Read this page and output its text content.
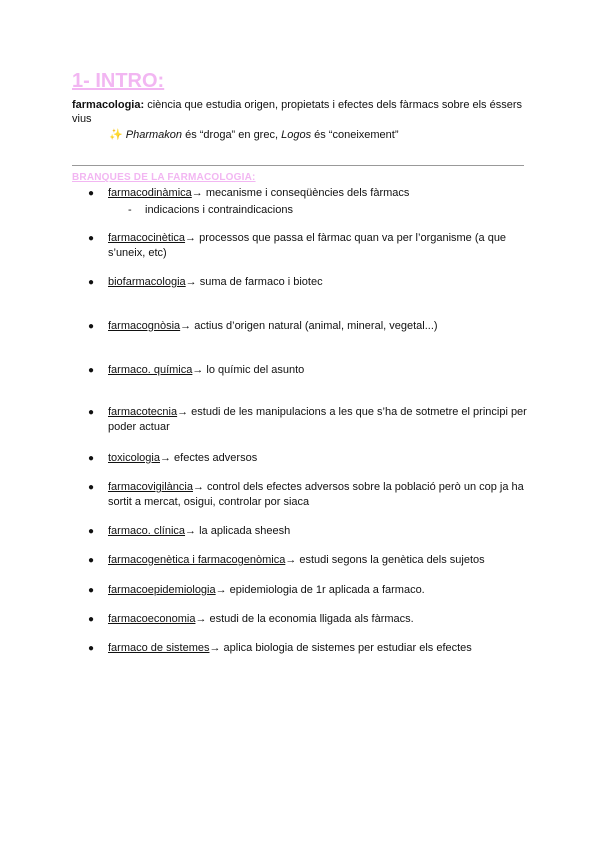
1- INTRO:
farmacologia: ciència que estudia origen, propietats i efectes dels fàrmacs sobre els éssers vius
✨ Pharmakon és “droga” en grec, Logos és “coneixement”
BRANQUES DE LA FARMACOLOGIA:
●	farmacodinàmica→ mecanisme i conseqüències dels fàrmacs
- indicacions i contraindicacions
●	farmacocinètica→ processos que passa el fàrmac quan va per l’organisme (a que s’uneix, etc)
●	biofarmacologia→ suma de farmaco i biotec
●	farmacognòsia→ actius d’origen natural (animal, mineral, vegetal...)
●	farmaco. química→ lo químic del asunto
●	farmacotecnia→ estudi de les manipulacions a les que s’ha de sotmetre el principi per poder actuar
●	toxicologia→ efectes adversos
●	farmacovigilància→ control dels efectes adversos sobre la població però un cop ja ha sortit a mercat, osigui, controlar por siaca
●	farmaco. clínica→ la aplicada sheesh
●	farmacogenètica i farmacogenòmica→ estudi segons la genètica dels sujetos
●	farmacoepidemiologia→ epidemiologia de 1r aplicada a farmaco.
●	farmacoeconomia→ estudi de la economia lligada als fàrmacs.
●	farmaco de sistemes→ aplica biologia de sistemes per estudiar els efectes
